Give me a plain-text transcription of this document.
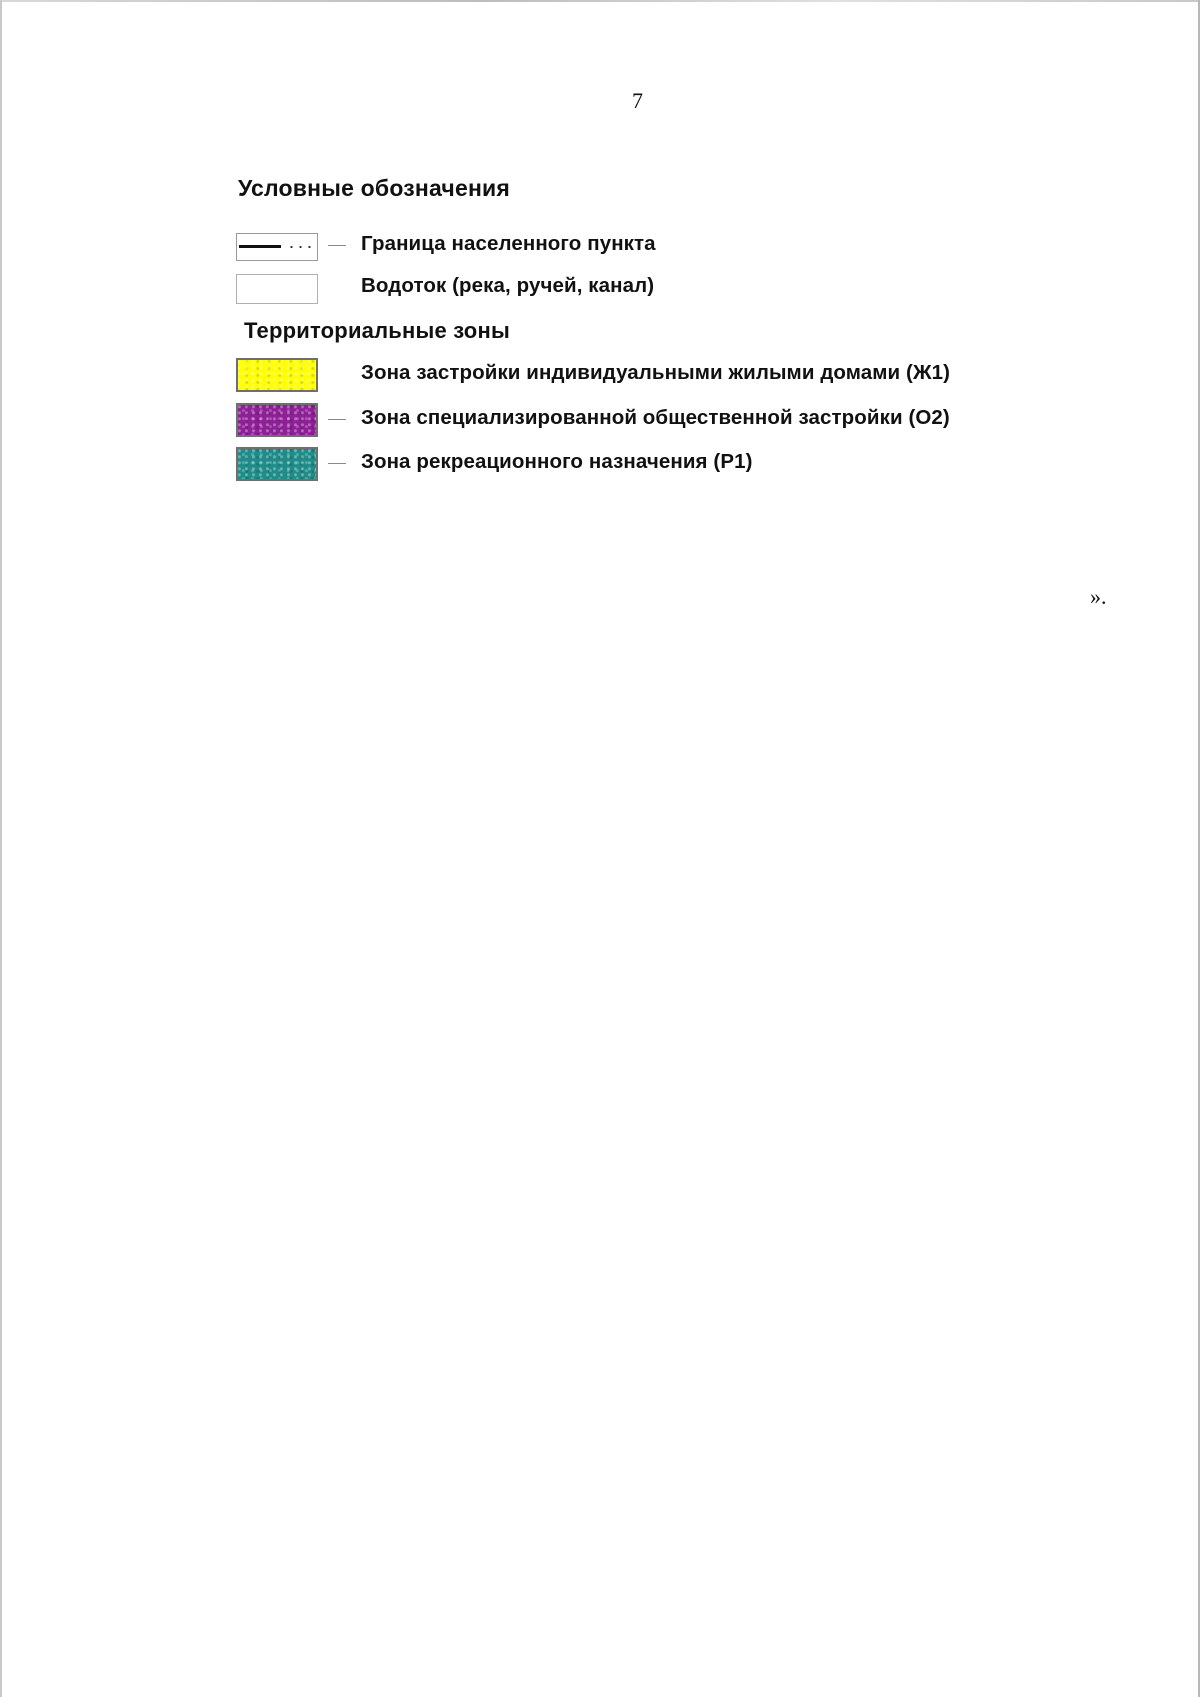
7
Условные обозначения
Граница населенного пункта
Водоток (река, ручей, канал)
Территориальные зоны
Зона застройки индивидуальными жилыми домами (Ж1)
Зона специализированной общественной застройки (О2)
Зона рекреационного назначения (Р1)
».
